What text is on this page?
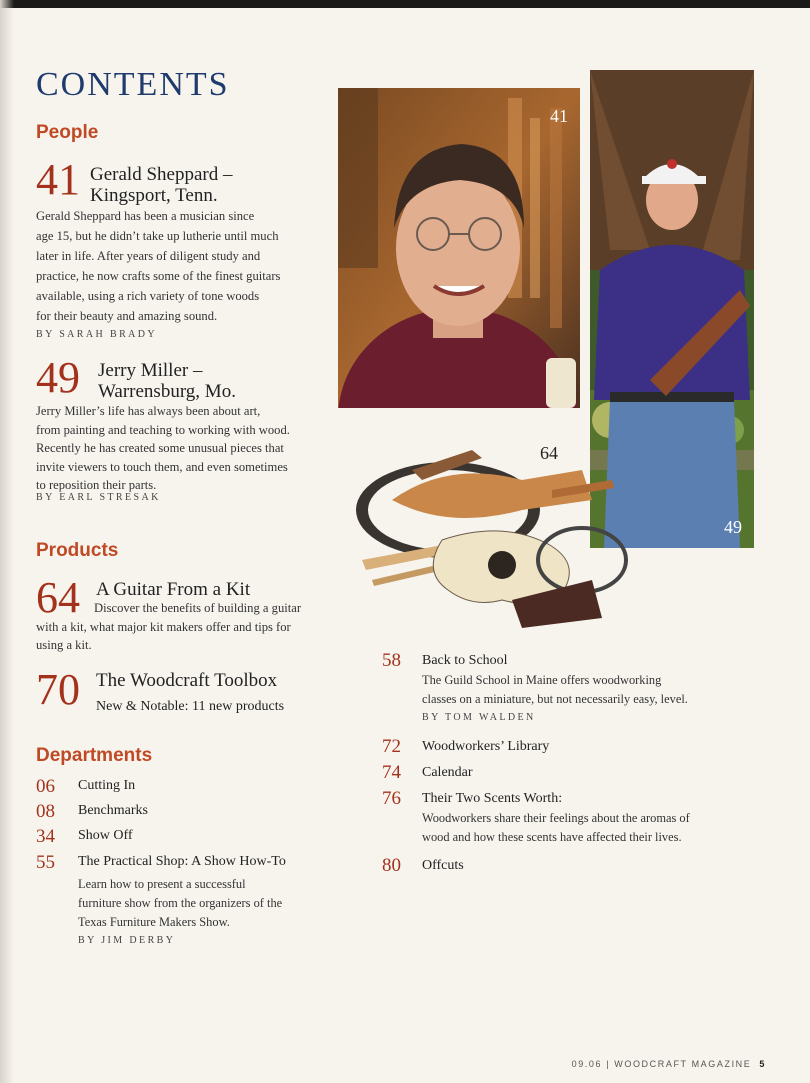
CONTENTS
People
41 Gerald Sheppard – Kingsport, Tenn.

Gerald Sheppard has been a musician since
age 15, but he didn’t take up lutherie until much
later in life. After years of diligent study and
practice, he now crafts some of the finest guitars
available, using a rich variety of tone woods
for their beauty and amazing sound.

BY SARAH BRADY
49 Jerry Miller – Warrensburg, Mo.

Jerry Miller’s life has always been about art,
from painting and teaching to working with wood.
Recently he has created some unusual pieces that
invite viewers to touch them, and even sometimes
to reposition their parts.

BY EARL STRESAK
Products
64 A Guitar From a Kit

Discover the benefits of building a guitar
with a kit, what major kit makers offer and tips for
using a kit.

70 The Woodcraft Toolbox
New & Notable: 11 new products
Departments
06 Cutting In
08 Benchmarks
34 Show Off
55 The Practical Shop: A Show How-To

Learn how to present a successful
furniture show from the organizers of the
Texas Furniture Makers Show.

BY JIM DERBY
58 Back to School

The Guild School in Maine offers woodworking
classes on a miniature, but not necessarily easy, level.

BY TOM WALDEN
72 Woodworkers’ Library
74 Calendar
76 Their Two Scents Worth:

Woodworkers share their feelings about the aromas of
wood and how these scents have affected their lives.

80 Offcuts
41
49
64
09.06 | WOODCRAFT MAGAZINE 5
